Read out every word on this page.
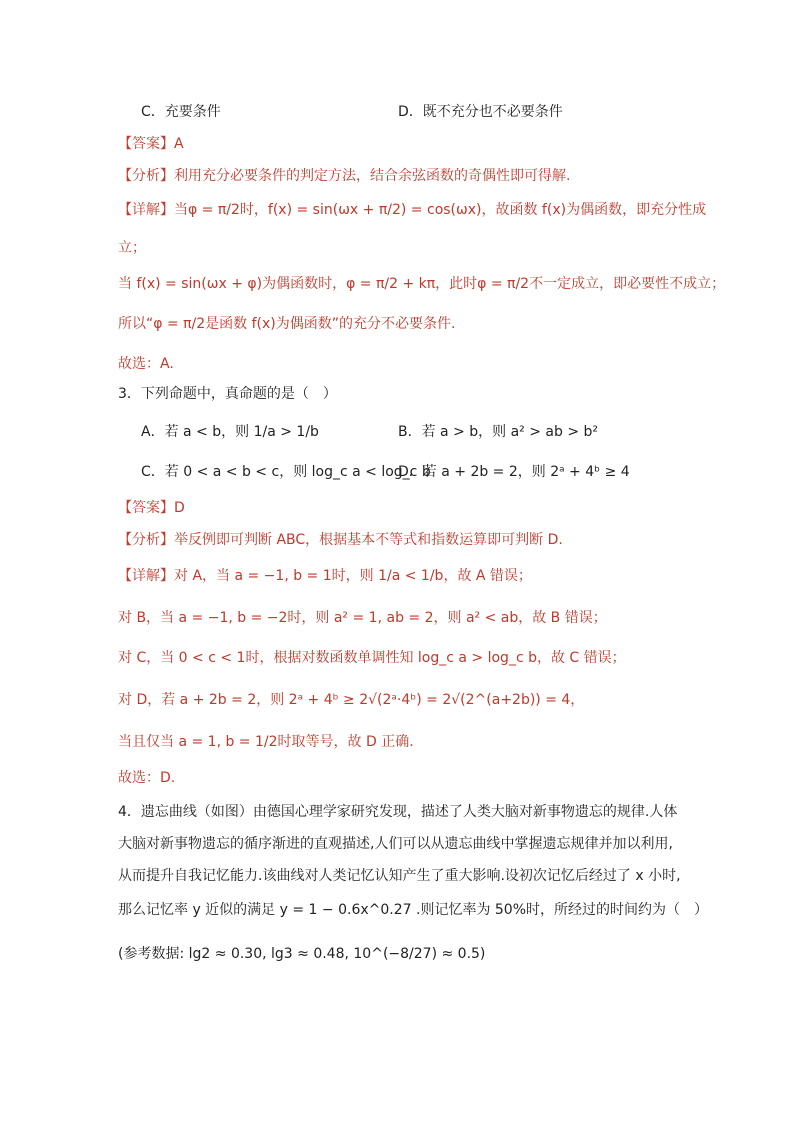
C．充要条件	D．既不充分也不必要条件
【答案】A
【分析】利用充分必要条件的判定方法，结合余弦函数的奇偶性即可得解.
【详解】当φ = π/2时，f(x) = sin(ωx + π/2) = cos(ωx)，故函数 f(x)为偶函数，即充分性成
立；
当 f(x) = sin(ωx + φ)为偶函数时，φ = π/2 + kπ，此时φ = π/2不一定成立，即必要性不成立；
所以“φ = π/2是函数 f(x)为偶函数”的充分不必要条件.
故选：A.
3．下列命题中，真命题的是（　）
A．若 a < b，则 1/a > 1/b	B．若 a > b，则 a² > ab > b²
C．若 0 < a < b < c，则 log_c a < log_c b
D．若 a + 2b = 2，则 2ᵃ + 4ᵇ ≥ 4
【答案】D
【分析】举反例即可判断 ABC，根据基本不等式和指数运算即可判断 D.
【详解】对 A，当 a = −1, b = 1时，则 1/a < 1/b，故 A 错误；
对 B，当 a = −1, b = −2时，则 a² = 1, ab = 2，则 a² < ab，故 B 错误；
对 C，当 0 < c < 1时，根据对数函数单调性知 log_c a > log_c b，故 C 错误；
对 D，若 a + 2b = 2，则 2ᵃ + 4ᵇ ≥ 2√(2ᵃ·4ᵇ) = 2√(2^(a+2b)) = 4，
当且仅当 a = 1, b = 1/2时取等号，故 D 正确.
故选：D.
4．遗忘曲线（如图）由德国心理学家研究发现，描述了人类大脑对新事物遗忘的规律.人体
大脑对新事物遗忘的循序渐进的直观描述,人们可以从遗忘曲线中掌握遗忘规律并加以利用,
从而提升自我记忆能力.该曲线对人类记忆认知产生了重大影响.设初次记忆后经过了 x 小时,
那么记忆率 y 近似的满足 y = 1 − 0.6x^0.27 .则记忆率为 50%时，所经过的时间约为（　）
(参考数据: lg2 ≈ 0.30, lg3 ≈ 0.48, 10^(−8/27) ≈ 0.5)
